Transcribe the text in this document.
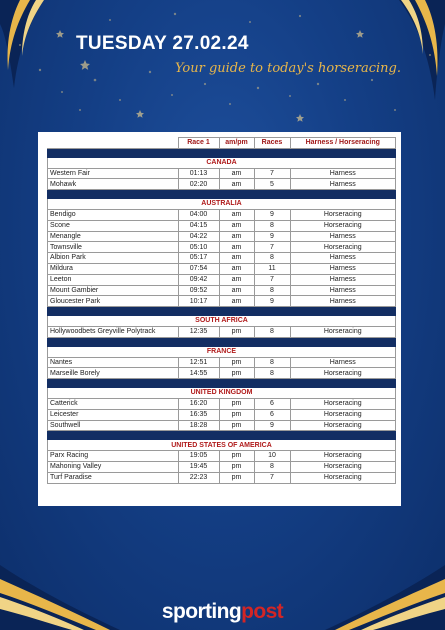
TUESDAY 27.02.24
Your guide to today's horseracing.
	Race 1	am/pm	Races	Harness / Horseracing

CANADA				
Western Fair	01:13	am	7	Harness
Mohawk	02:20	am	5	Harness

AUSTRALIA				
Bendigo	04:00	am	9	Horseracing
Scone	04:15	am	8	Horseracing
Menangle	04:22	am	9	Harness
Townsville	05:10	am	7	Horseracing
Albion Park	05:17	am	8	Harness
Mildura	07:54	am	11	Harness
Leeton	09:42	am	7	Harness
Mount Gambier	09:52	am	8	Harness
Gloucester Park	10:17	am	9	Harness

SOUTH AFRICA				
Hollywoodbets Greyville Polytrack	12:35	pm	8	Horseracing

FRANCE				
Nantes	12:51	pm	8	Harness
Marseille Borely	14:55	pm	8	Horseracing

UNITED KINGDOM				
Catterick	16:20	pm	6	Horseracing
Leicester	16:35	pm	6	Horseracing
Southwell	18:28	pm	9	Horseracing

UNITED STATES OF AMERICA				
Parx Racing	19:05	pm	10	Horseracing
Mahoning Valley	19:45	pm	8	Horseracing
Turf Paradise	22:23	pm	7	Horseracing
sportingpost
